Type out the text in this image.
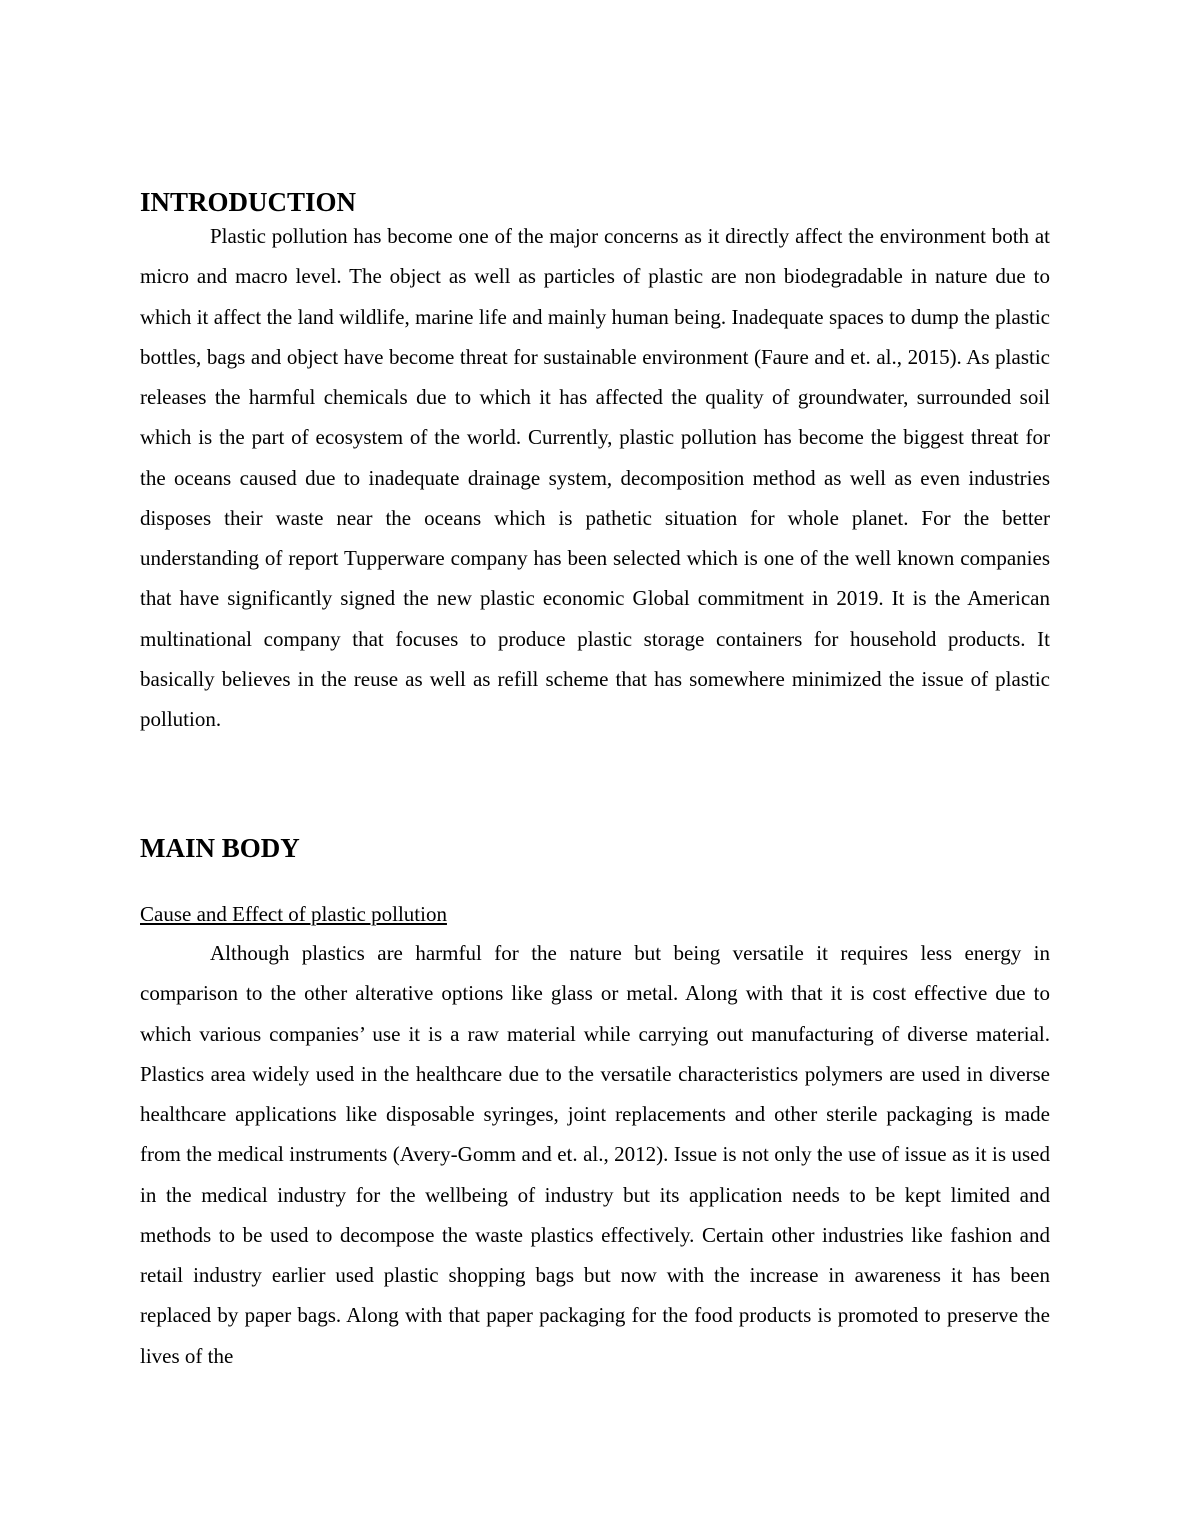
INTRODUCTION

Plastic pollution has become one of the major concerns as it directly affect the environment both at micro and macro level. The object as well as particles of plastic are non biodegradable in nature due to which it affect the land wildlife, marine life and mainly human being. Inadequate spaces to dump the plastic bottles, bags and object have become threat for sustainable environment (Faure and et. al., 2015). As plastic releases the harmful chemicals due to which it has affected the quality of groundwater, surrounded soil which is the part of ecosystem of the world. Currently, plastic pollution has become the biggest threat for the oceans caused due to inadequate drainage system, decomposition method as well as even industries disposes their waste near the oceans which is pathetic situation for whole planet. For the better understanding of report Tupperware company has been selected which is one of the well known companies that have significantly signed the new plastic economic Global commitment in 2019. It is the American multinational company that focuses to produce plastic storage containers for household products. It basically believes in the reuse as well as refill scheme that has somewhere minimized the issue of plastic pollution.

MAIN BODY

Cause and Effect of plastic pollution

Although plastics are harmful for the nature but being versatile it requires less energy in comparison to the other alterative options like glass or metal. Along with that it is cost effective due to which various companies’ use it is a raw material while carrying out manufacturing of diverse material. Plastics area widely used in the healthcare due to the versatile characteristics polymers are used in diverse healthcare applications like disposable syringes, joint replacements and other sterile packaging is made from the medical instruments (Avery-Gomm and et. al., 2012). Issue is not only the use of issue as it is used in the medical industry for the wellbeing of industry but its application needs to be kept limited and methods to be used to decompose the waste plastics effectively. Certain other industries like fashion and retail industry earlier used plastic shopping bags but now with the increase in awareness it has been replaced by paper bags. Along with that paper packaging for the food products is promoted to preserve the lives of the
